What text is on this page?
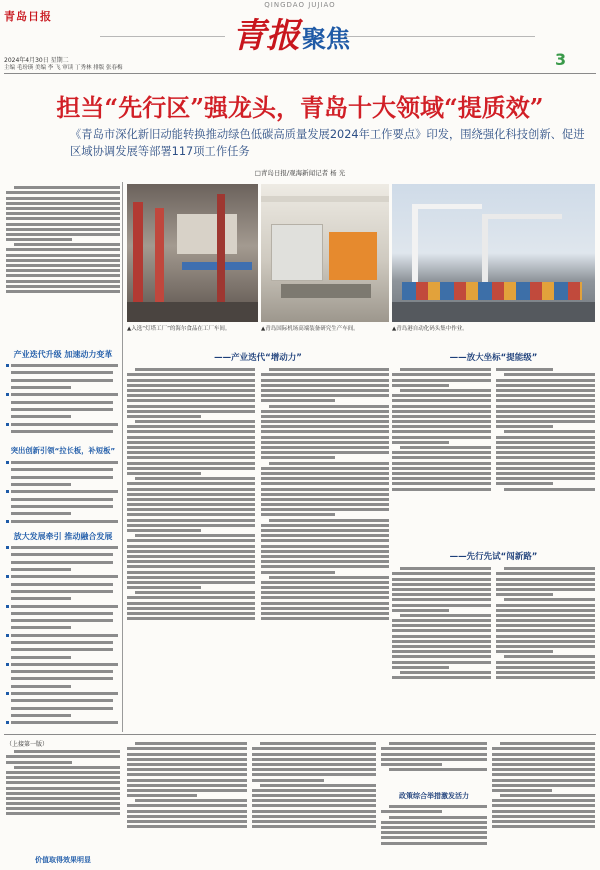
QINGDAO JUJIAO
青岛日报	青报聚焦
2024年4月30日 星期二
主编 毛玢瑛 美编 李 飞 审读 丁秀林 排版 张春梅	3
担当“先行区”强龙头，青岛十大领域“提质效”
《青岛市深化新旧动能转换推动绿色低碳高质量发展2024年工作要点》印发，围绕强化科技创新、促进区域协调发展等部署117项工作任务
□青岛日报/观海新闻记者 杨 光
产业迭代升级 加速动力变革
突出创新引领“拉长板，补短板”
放大发展牵引 推动融合发展
▲入选“灯塔工厂”的海尔食品在工厂车间。	▲青岛国际机场高端装备研究生产车间。	▲青岛港自动化码头集中作业。
——产业迭代“增动力”	——放大坐标“提能级”
——先行先试“闯新路”
（上接第一版）
价值取得效果明显
政策综合举措激发活力
